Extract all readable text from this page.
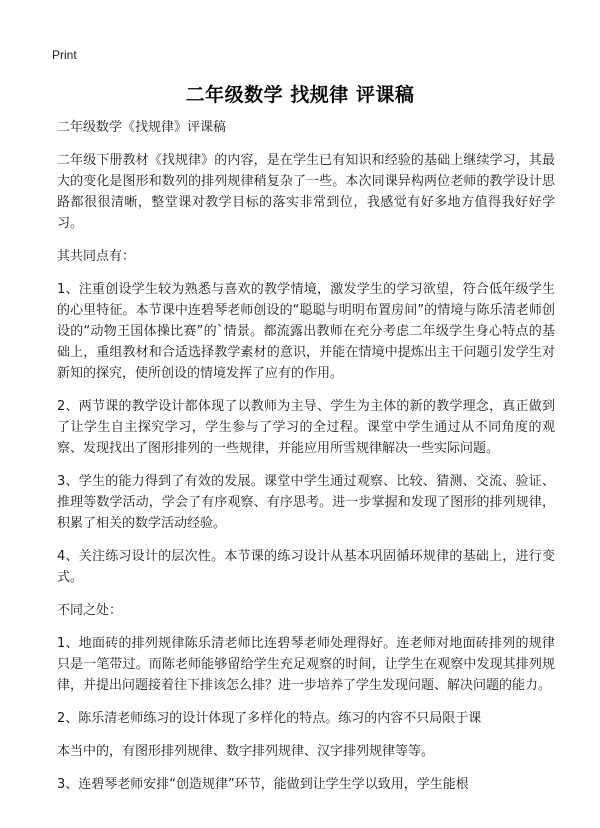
Print
二年级数学 找规律 评课稿

二年级数学《找规律》评课稿

二年级下册教材《找规律》的内容，是在学生已有知识和经验的基础上继续学习，其最大的变化是图形和数列的排列规律稍复杂了一些。本次同课异构两位老师的教学设计思路都很很清晰，整堂课对教学目标的落实非常到位，我感觉有好多地方值得我好好学习。

其共同点有：

1、注重创设学生较为熟悉与喜欢的教学情境，激发学生的学习欲望，符合低年级学生的心里特征。本节课中连碧琴老师创设的“聪聪与明明布置房间”的情境与陈乐清老师创设的“动物王国体操比赛”的`情景。都流露出教师在充分考虑二年级学生身心特点的基础上，重组教材和合适选择教学素材的意识，并能在情境中提炼出主干问题引发学生对新知的探究，使所创设的情境发挥了应有的作用。

2、两节课的教学设计都体现了以教师为主导、学生为主体的新的教学理念，真正做到了让学生自主探究学习，学生参与了学习的全过程。课堂中学生通过从不同角度的观察、发现找出了图形排列的一些规律，并能应用所雪规律解决一些实际问题。

3、学生的能力得到了有效的发展。课堂中学生通过观察、比较、猜测、交流、验证、推理等数学活动，学会了有序观察、有序思考。进一步掌握和发现了图形的排列规律，积累了相关的数学活动经验。

4、关注练习设计的层次性。本节课的练习设计从基本巩固循环规律的基础上，进行变式。

不同之处：

1、地面砖的排列规律陈乐清老师比连碧琴老师处理得好。连老师对地面砖排列的规律只是一笔带过。而陈老师能够留给学生充足观察的时间，让学生在观察中发现其排列规律，并提出问题接着往下排该怎么排？进一步培养了学生发现问题、解决问题的能力。

2、陈乐清老师练习的设计体现了多样化的特点。练习的内容不只局限于课

本当中的，有图形排列规律、数字排列规律、汉字排列规律等等。

3、连碧琴老师安排“创造规律”环节，能做到让学生学以致用，学生能根
